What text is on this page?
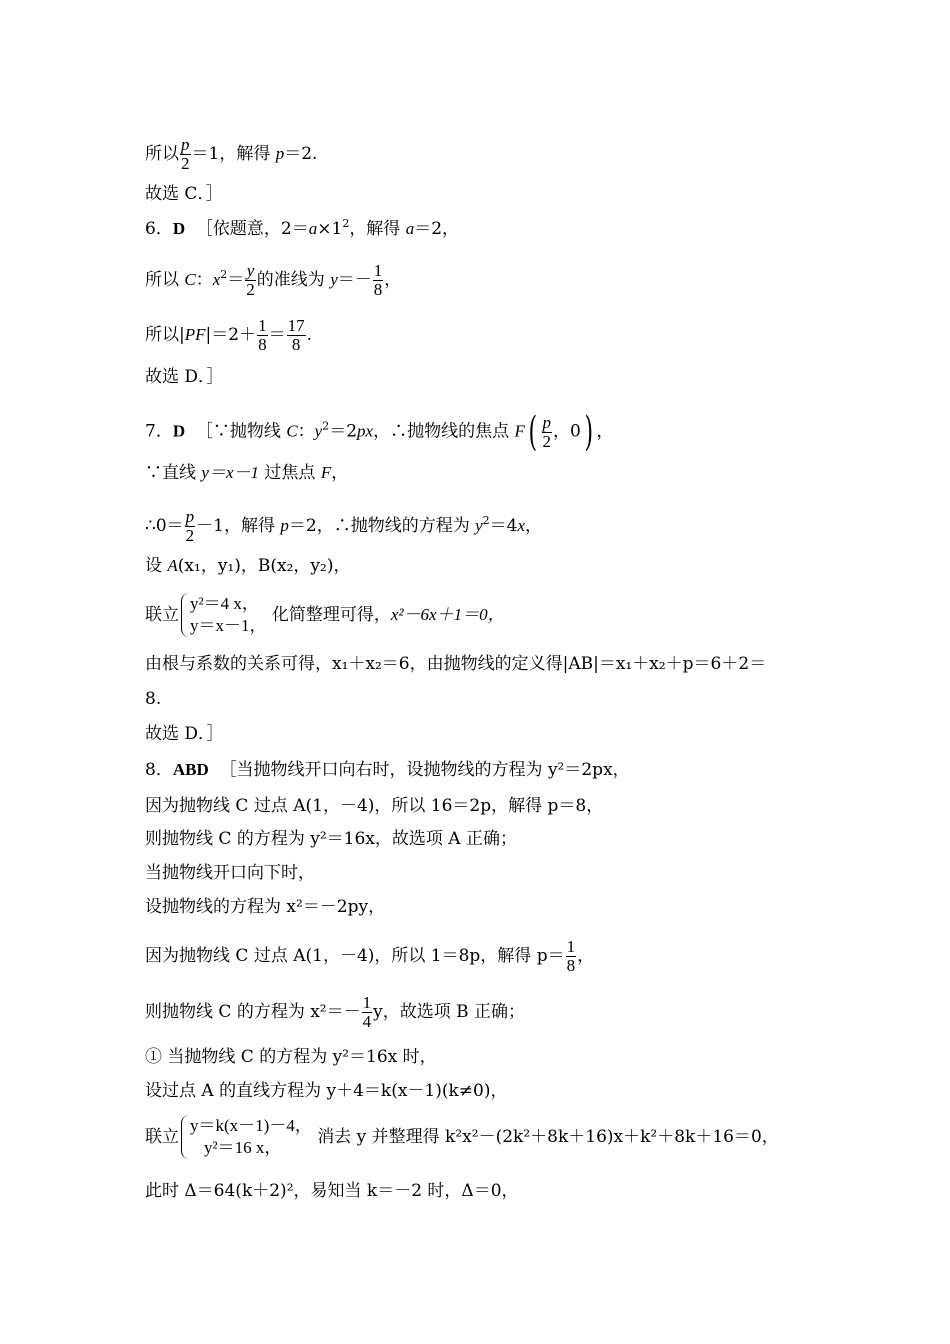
所以 $\frac{p}{2} =1$，解得 p＝2.
故选 C．］
6．D ［依题意，$2=a\times 1^2$，解得 a＝2，
所以 C：$x^2= \frac{y}{2}$ 的准线为 $y=- \frac{1}{8}$ ，
所以$|PF|=2+ \frac{1}{8} = \frac{17}{8}$ .
故选 D．］
7．D ［∵抛物线 C：$y^2=2px$，∴抛物线的焦点 $F( \frac{p}{2}$ ，0) ，
∵直线 y＝x－1 过焦点 F，
∴0＝ $\frac{p}{2} -1$，解得 p＝2，∴抛物线的方程为 $y^2=4x$，
设 A(x₁，y₁)，B(x₂，y₂)，
联立
y²＝4 x，
y＝x－1，
化简整理可得，x²－6x＋1＝0，
由根与系数的关系可得，x₁＋x₂＝6，由抛物线的定义得|AB|＝x₁＋x₂＋p＝6＋2＝
8.
故选 D．］
8．ABD ［当抛物线开口向右时，设抛物线的方程为 y²＝2px，
因为抛物线 C 过点 A(1，－4)，所以 16＝2p，解得 p＝8，
则抛物线 C 的方程为 y²＝16x，故选项 A 正确；
当抛物线开口向下时，
设抛物线的方程为 x²＝－2py，
因为抛物线 C 过点 A(1，－4)，所以 1＝8p，解得 $p= \frac{1}{8}$ ，
则抛物线 C 的方程为 $x^2=- \frac{1}{4}$ y，故选项 B 正确；
① 当抛物线 C 的方程为 y²＝16x 时，
设过点 A 的直线方程为 y＋4＝k(x－1)(k≠0)，
联立
y＝k(x－1)－4，
y²＝16 x，
消去 y 并整理得 k²x²－(2k²＋8k＋16)x＋k²＋8k＋16＝0，
此时 Δ＝64(k＋2)²，易知当 k＝－2 时，Δ＝0，
